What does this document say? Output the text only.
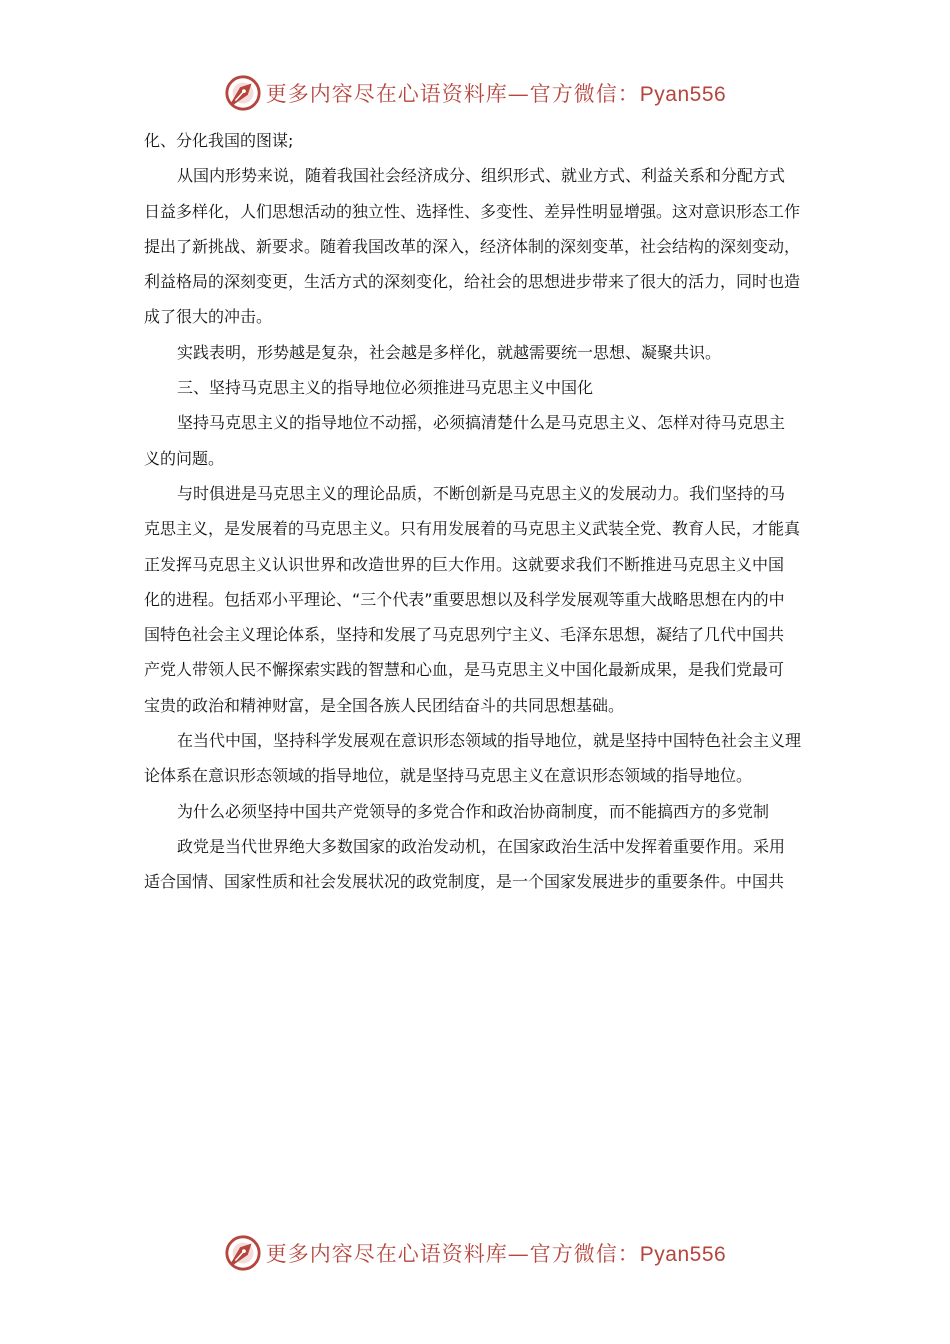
更多内容尽在心语资料库—官方微信：Pyan556

化、分化我国的图谋;

从国内形势来说，随着我国社会经济成分、组织形式、就业方式、利益关系和分配方式

日益多样化，人们思想活动的独立性、选择性、多变性、差异性明显增强。这对意识形态工作

提出了新挑战、新要求。随着我国改革的深入，经济体制的深刻变革，社会结构的深刻变动，

利益格局的深刻变更，生活方式的深刻变化，给社会的思想进步带来了很大的活力，同时也造

成了很大的冲击。

实践表明，形势越是复杂，社会越是多样化，就越需要统一思想、凝聚共识。

三、坚持马克思主义的指导地位必须推进马克思主义中国化

坚持马克思主义的指导地位不动摇，必须搞清楚什么是马克思主义、怎样对待马克思主

义的问题。

与时俱进是马克思主义的理论品质，不断创新是马克思主义的发展动力。我们坚持的马

克思主义，是发展着的马克思主义。只有用发展着的马克思主义武装全党、教育人民，才能真

正发挥马克思主义认识世界和改造世界的巨大作用。这就要求我们不断推进马克思主义中国

化的进程。包括邓小平理论、“三个代表”重要思想以及科学发展观等重大战略思想在内的中

国特色社会主义理论体系，坚持和发展了马克思列宁主义、毛泽东思想，凝结了几代中国共

产党人带领人民不懈探索实践的智慧和心血，是马克思主义中国化最新成果，是我们党最可

宝贵的政治和精神财富，是全国各族人民团结奋斗的共同思想基础。

在当代中国，坚持科学发展观在意识形态领域的指导地位，就是坚持中国特色社会主义理

论体系在意识形态领域的指导地位，就是坚持马克思主义在意识形态领域的指导地位。

为什么必须坚持中国共产党领导的多党合作和政治协商制度，而不能搞西方的多党制

政党是当代世界绝大多数国家的政治发动机，在国家政治生活中发挥着重要作用。采用

适合国情、国家性质和社会发展状况的政党制度，是一个国家发展进步的重要条件。中国共

更多内容尽在心语资料库—官方微信：Pyan556
